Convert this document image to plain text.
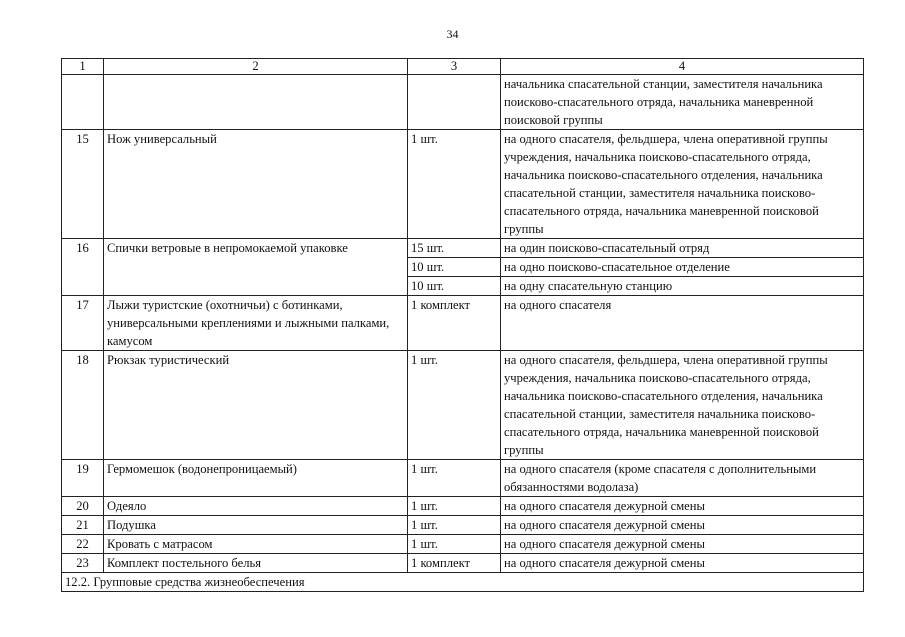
34
1	2	3	4
			начальника спасательной станции, заместителя начальника поисково-спасательного отряда, начальника маневренной поисковой группы
15	Нож универсальный	1 шт.	на одного спасателя, фельдшера, члена оперативной группы учреждения, начальника поисково-спасательного отряда, начальника поисково-спасательного отделения, начальника спасательной станции, заместителя начальника поисково-спасательного отряда, начальника маневренной поисковой группы
16	Спички ветровые в непромокаемой упаковке	15 шт.	на один поисково-спасательный отряд
		10 шт.	на одно поисково-спасательное отделение
		10 шт.	на одну спасательную станцию
17	Лыжи туристские (охотничьи) с ботинками, универсальными креплениями и лыжными палками, камусом	1 комплект	на одного спасателя
18	Рюкзак туристический	1 шт.	на одного спасателя, фельдшера, члена оперативной группы учреждения, начальника поисково-спасательного отряда, начальника поисково-спасательного отделения, начальника спасательной станции, заместителя начальника поисково-спасательного отряда, начальника маневренной поисковой группы
19	Гермомешок (водонепроницаемый)	1 шт.	на одного спасателя (кроме спасателя с дополнительными обязанностями водолаза)
20	Одеяло	1 шт.	на одного спасателя дежурной смены
21	Подушка	1 шт.	на одного спасателя дежурной смены
22	Кровать с матрасом	1 шт.	на одного спасателя дежурной смены
23	Комплект постельного белья	1 комплект	на одного спасателя дежурной смены
12.2. Групповые средства жизнеобеспечения			
